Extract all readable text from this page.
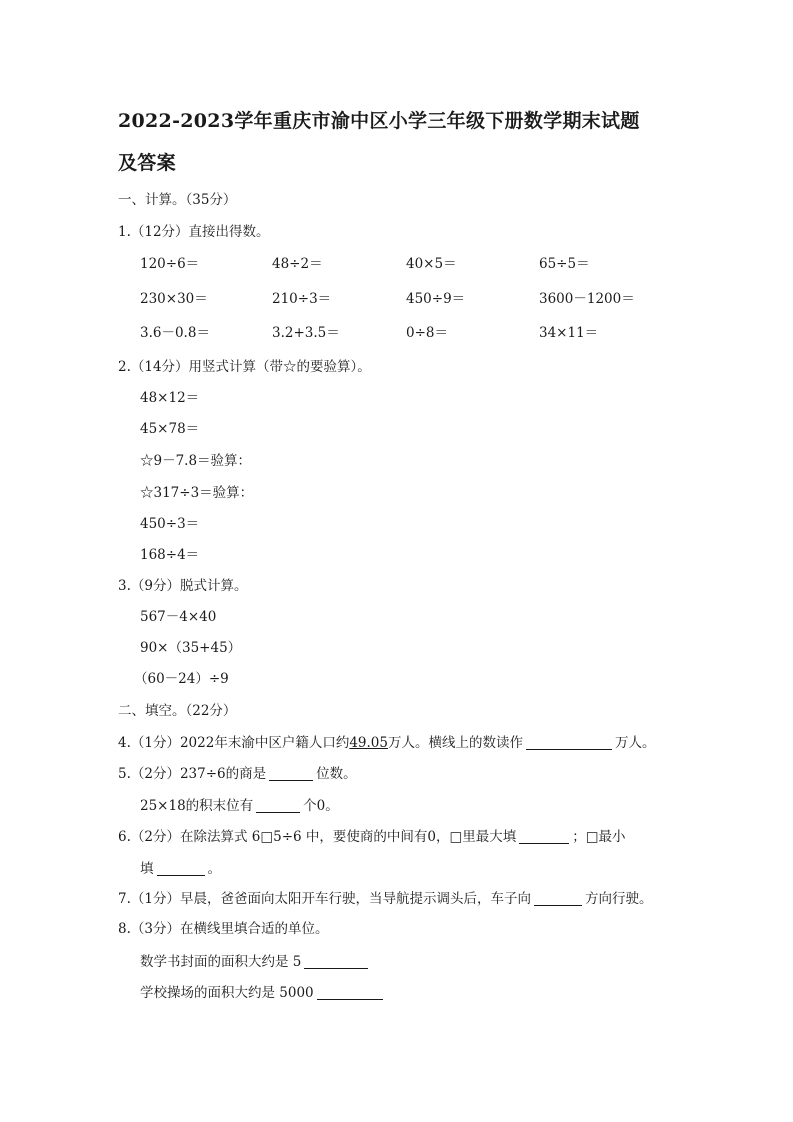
2022-2023学年重庆市渝中区小学三年级下册数学期末试题
及答案
一、计算。（35分）
1.（12分）直接出得数。
120÷6＝	48÷2＝	40×5＝	65÷5＝
230×30＝	210÷3＝	450÷9＝	3600－1200＝
3.6－0.8＝	3.2+3.5＝	0÷8＝	34×11＝
2.（14分）用竖式计算（带☆的要验算）。
48×12＝
45×78＝
☆9－7.8＝验算：
☆317÷3＝验算：
450÷3＝
168÷4＝
3.（9分）脱式计算。
567－4×40
90×（35+45）
（60－24）÷9
二、填空。（22分）
4.（1分）2022年末渝中区户籍人口约49.05万人。横线上的数读作	万人。
5.（2分）237÷6的商是	位数。
25×18的积末位有	个0。
6.（2分）在除法算式 6□5÷6 中，要使商的中间有0，□里最大填	；□最小
填	。
7.（1分）早晨，爸爸面向太阳开车行驶，当导航提示调头后，车子向	方向行驶。
8.（3分）在横线里填合适的单位。
数学书封面的面积大约是 5
学校操场的面积大约是 5000
